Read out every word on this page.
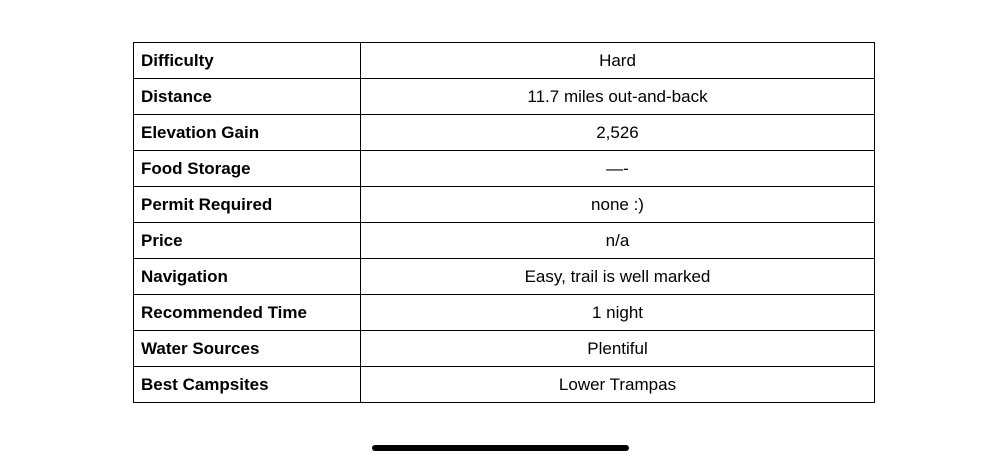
Difficulty	Hard
Distance	11.7 miles out-and-back
Elevation Gain	2,526
Food Storage	—-
Permit Required	none :)
Price	n/a
Navigation	Easy, trail is well marked
Recommended Time	1 night
Water Sources	Plentiful
Best Campsites	Lower Trampas
